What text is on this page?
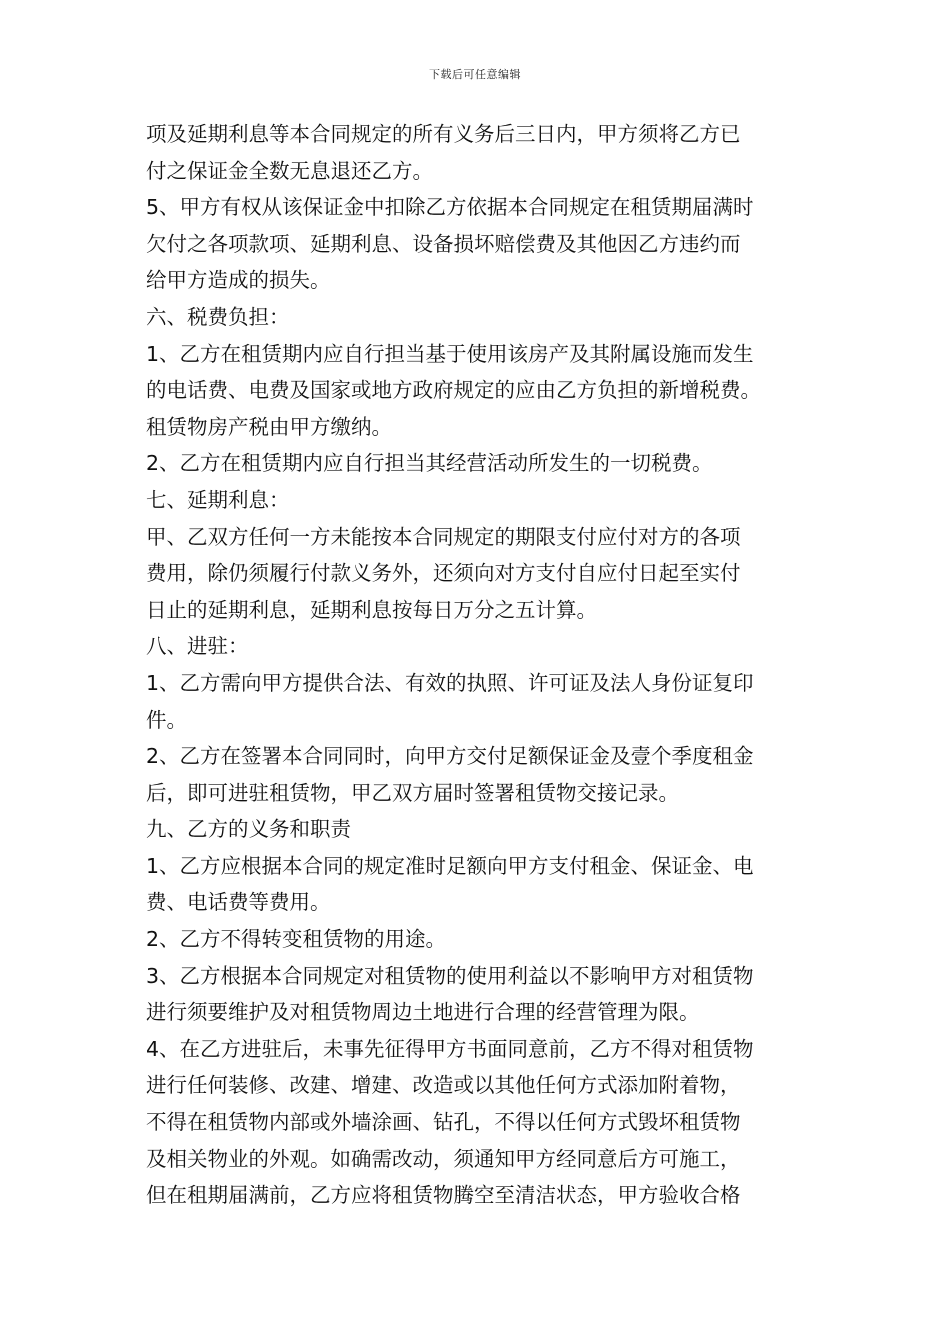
下载后可任意编辑
项及延期利息等本合同规定的所有义务后三日内，甲方须将乙方已
付之保证金全数无息退还乙方。
5、甲方有权从该保证金中扣除乙方依据本合同规定在租赁期届满时
欠付之各项款项、延期利息、设备损坏赔偿费及其他因乙方违约而
给甲方造成的损失。
六、税费负担：
1、乙方在租赁期内应自行担当基于使用该房产及其附属设施而发生
的电话费、电费及国家或地方政府规定的应由乙方负担的新增税费。
租赁物房产税由甲方缴纳。
2、乙方在租赁期内应自行担当其经营活动所发生的一切税费。
七、延期利息：
甲、乙双方任何一方未能按本合同规定的期限支付应付对方的各项
费用，除仍须履行付款义务外，还须向对方支付自应付日起至实付
日止的延期利息，延期利息按每日万分之五计算。
八、进驻：
1、乙方需向甲方提供合法、有效的执照、许可证及法人身份证复印
件。
2、乙方在签署本合同同时，向甲方交付足额保证金及壹个季度租金
后，即可进驻租赁物，甲乙双方届时签署租赁物交接记录。
九、乙方的义务和职责
1、乙方应根据本合同的规定准时足额向甲方支付租金、保证金、电
费、电话费等费用。
2、乙方不得转变租赁物的用途。
3、乙方根据本合同规定对租赁物的使用利益以不影响甲方对租赁物
进行须要维护及对租赁物周边土地进行合理的经营管理为限。
4、在乙方进驻后，未事先征得甲方书面同意前，乙方不得对租赁物
进行任何装修、改建、增建、改造或以其他任何方式添加附着物，
不得在租赁物内部或外墙涂画、钻孔，不得以任何方式毁坏租赁物
及相关物业的外观。如确需改动，须通知甲方经同意后方可施工，
但在租期届满前，乙方应将租赁物腾空至清洁状态，甲方验收合格
